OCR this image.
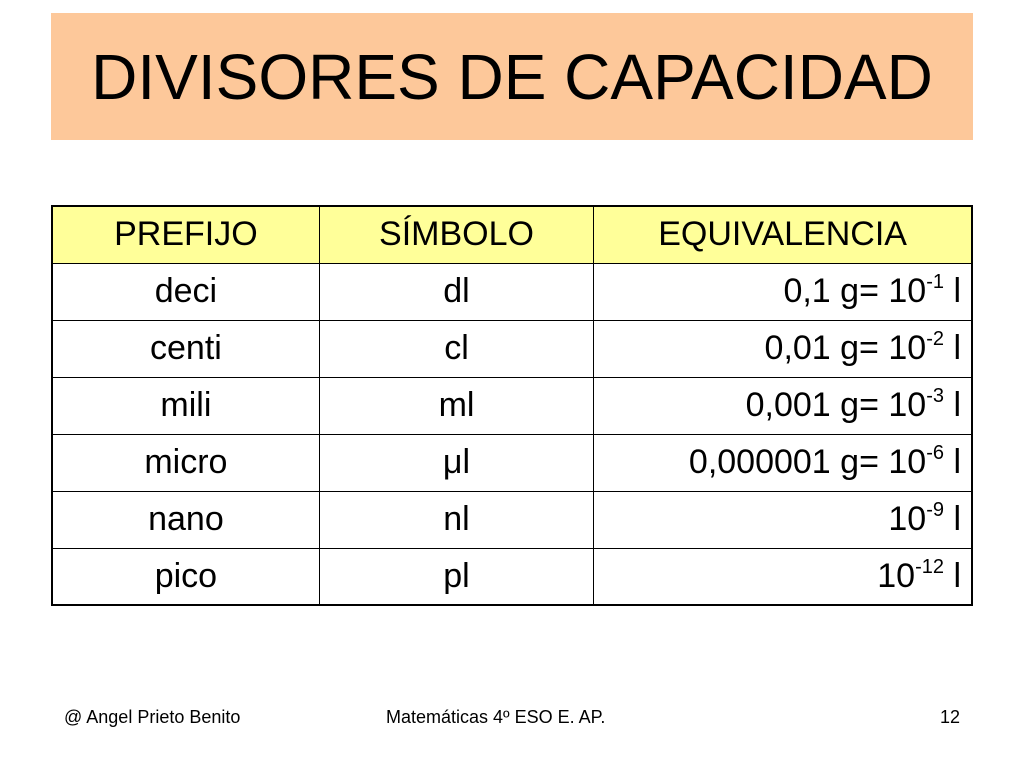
DIVISORES DE CAPACIDAD
PREFIJO	SÍMBOLO	EQUIVALENCIA
deci	dl	0,1 $g= 10^{-1}$ l
centi	cl	0,01 $g= 10^{-2}$ l
mili	ml	0,001 $g= 10^{-3}$ l
micro	μl	0,000001 $g= 10^{-6}$ l
nano	nl	$10^{-9}$ l
pico	pl	$10^{-12}$ l
@ Angel Prieto Benito	Matemáticas 4º ESO E. AP.	12
